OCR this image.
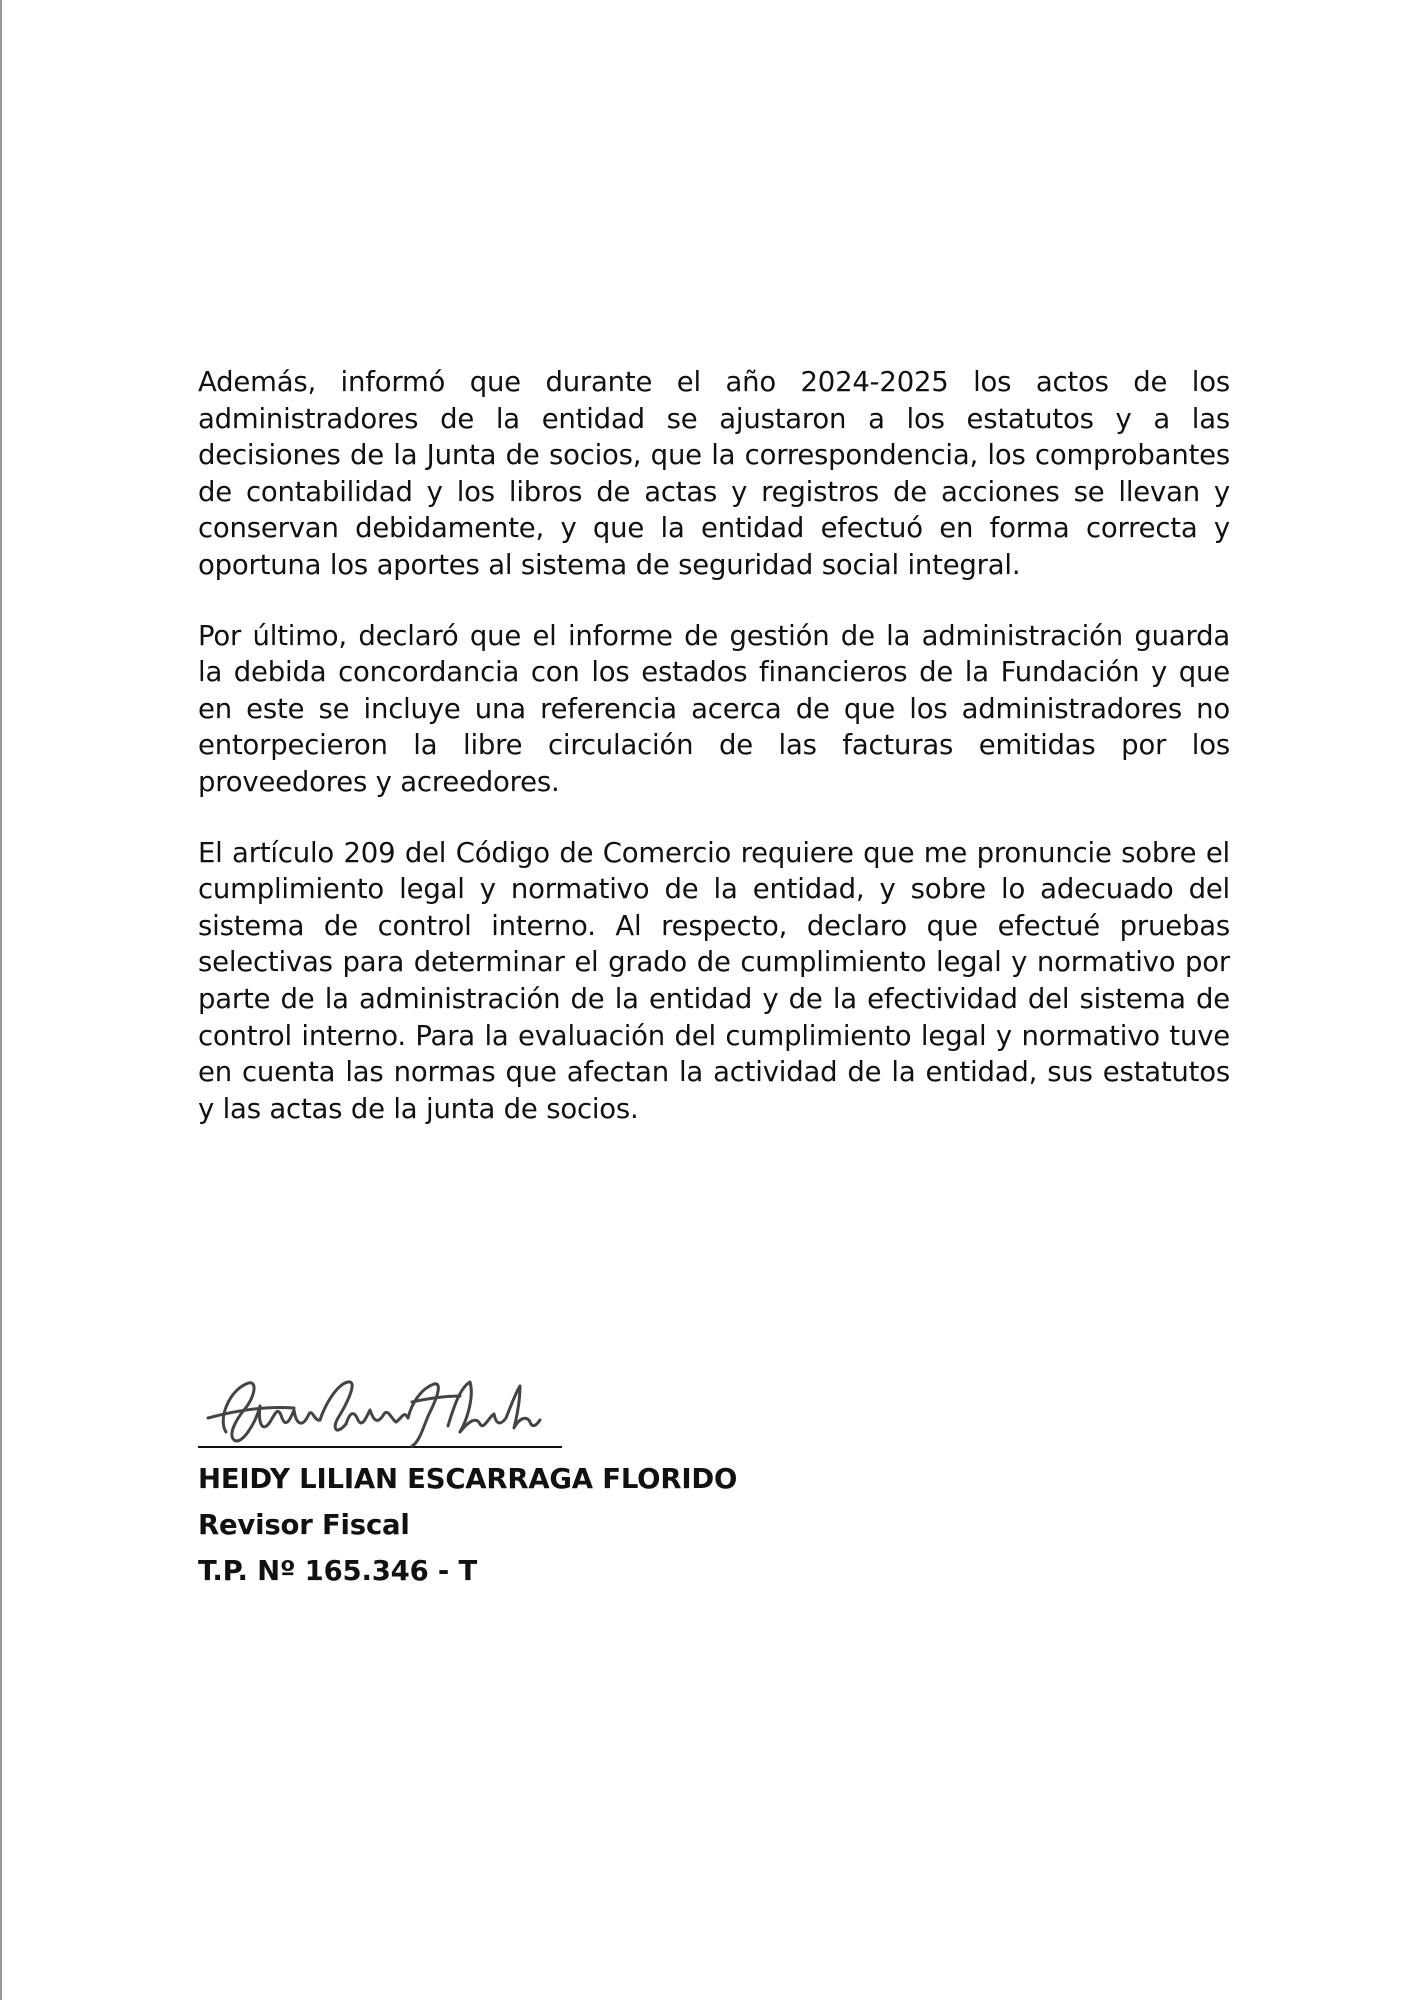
Además, informó que durante el año 2024-2025 los actos de los administradores de la entidad se ajustaron a los estatutos y a las decisiones de la Junta de socios, que la correspondencia, los comprobantes de contabilidad y los libros de actas y registros de acciones se llevan y conservan debidamente, y que la entidad efectuó en forma correcta y oportuna los aportes al sistema de seguridad social integral.

Por último, declaró que el informe de gestión de la administración guarda la debida concordancia con los estados financieros de la Fundación y que en este se incluye una referencia acerca de que los administradores no entorpecieron la libre circulación de las facturas emitidas por los proveedores y acreedores.

El artículo 209 del Código de Comercio requiere que me pronuncie sobre el cumplimiento legal y normativo de la entidad, y sobre lo adecuado del sistema de control interno. Al respecto, declaro que efectué pruebas selectivas para determinar el grado de cumplimiento legal y normativo por parte de la administración de la entidad y de la efectividad del sistema de control interno. Para la evaluación del cumplimiento legal y normativo tuve en cuenta las normas que afectan la actividad de la entidad, sus estatutos y las actas de la junta de socios.

HEIDY LILIAN ESCARRAGA FLORIDO

Revisor Fiscal

T.P. Nº 165.346 - T
